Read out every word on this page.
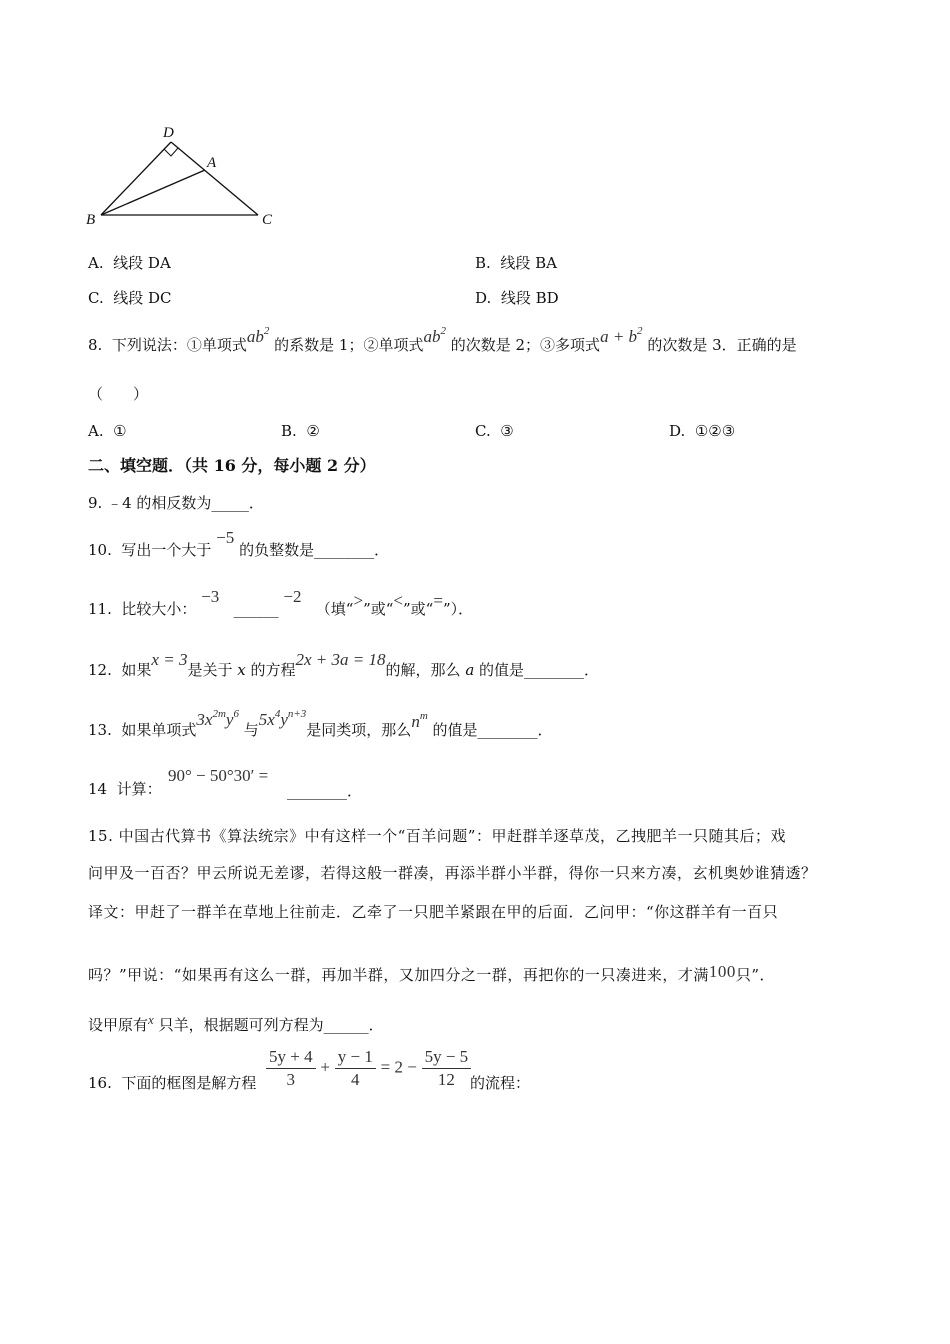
D
A
B	C
A. 线段 DA	B. 线段 BA
C. 线段 DC	D. 线段 BD
8. 下列说法：①单项式$ab^2$ 的系数是 1；②单项式$ab^2$ 的次数是 2；③多项式$a + b^2$ 的次数是 3．正确的是
（　　）
A. ①	B. ②	C. ③	D. ①②③
二、填空题．（共 16 分，每小题 2 分）
9. ﹣4 的相反数为_____．
10. 写出一个大于 −5 的负整数是________．
11. 比较大小： −3   ______ −2   （填“>”或“<”或“=”）．
12. 如果x = 3是关于 x 的方程2x + 3a = 18的解，那么 a 的值是________．
13. 如果单项式$3x^{2m}y^6$ 与$5x^4y^{n+3}$是同类项，那么$n^m$ 的值是________．
14 计算：
90° − 50°30′ =
________．
15. 中国古代算书《算法统宗》中有这样一个“百羊问题”：甲赶群羊逐草茂，乙拽肥羊一只随其后；戏
问甲及一百否？甲云所说无差谬，若得这般一群凑，再添半群小半群，得你一只来方凑，玄机奥妙谁猜透？
译文：甲赶了一群羊在草地上往前走．乙牵了一只肥羊紧跟在甲的后面．乙问甲：“你这群羊有一百只
吗？”甲说：“如果再有这么一群，再加半群，又加四分之一群，再把你的一只凑进来，才满100只”．
设甲原有x 只羊，根据题可列方程为______．
16. 下面的框图是解方程 $\frac{5y + 4}{3} + \frac{y - 1}{4} = 2 - \frac{5y - 5}{12}$
的流程：
